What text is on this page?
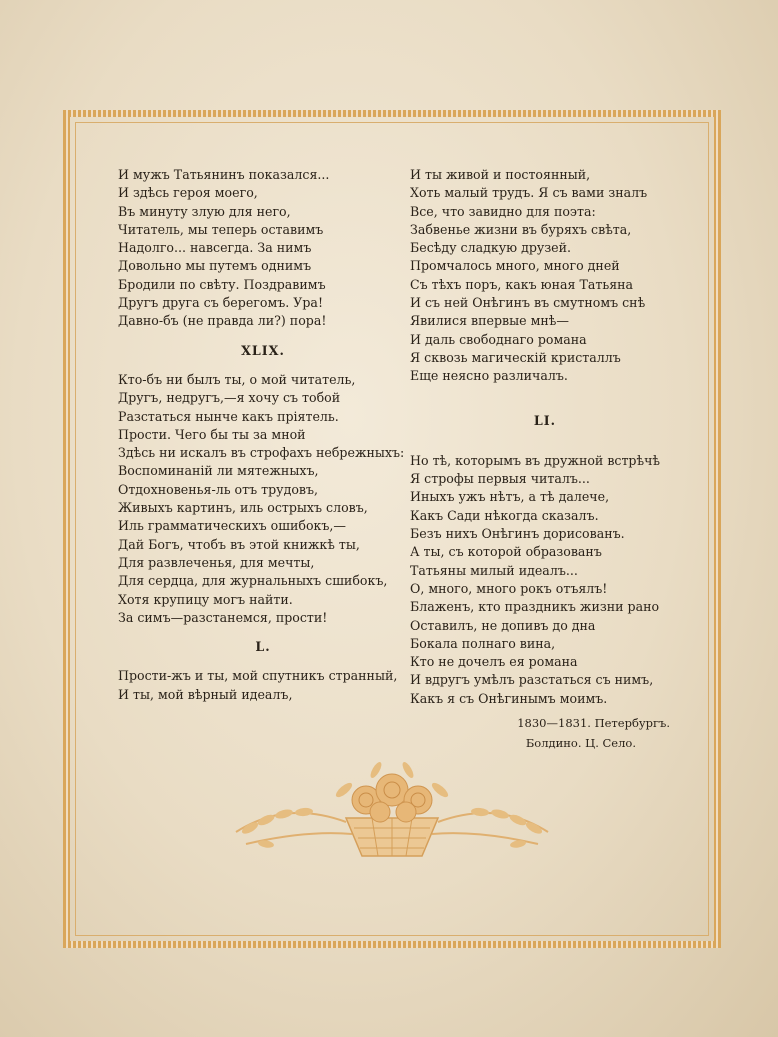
И мужъ Татьянинъ показался...

И здѣсь героя моего,

Въ минуту злую для него,

Читатель, мы теперь оставимъ

Надолго... навсегда. За нимъ

Довольно мы путемъ однимъ

Бродили по свѣту. Поздравимъ

Другъ друга съ берегомъ. Ура!

Давно-бъ (не правда ли?) пора!

XLIX.

Кто-бъ ни былъ ты, о мой читатель,

Другъ, недругъ,—я хочу съ тобой

Разстаться нынче какъ пріятель.

Прости. Чего бы ты за мной

Здѣсь ни искалъ въ строфахъ небрежныхъ:

Воспоминаній ли мятежныхъ,

Отдохновенья-ль отъ трудовъ,

Живыхъ картинъ, иль острыхъ словъ,

Иль грамматическихъ ошибокъ,—

Дай Богъ, чтобъ въ этой книжкѣ ты,

Для развлеченья, для мечты,

Для сердца, для журнальныхъ сшибокъ,

Хотя крупицу могъ найти.

За симъ—разстанемся, прости!

L.

Прости-жъ и ты, мой спутникъ странный,

И ты, мой вѣрный идеалъ,

И ты живой и постоянный,

Хоть малый трудъ. Я съ вами зналъ

Все, что завидно для поэта:

Забвенье жизни въ буряхъ свѣта,

Бесѣду сладкую друзей.

Промчалось много, много дней

Съ тѣхъ поръ, какъ юная Татьяна

И съ ней Онѣгинъ въ смутномъ снѣ

Явилися впервые мнѣ—

И даль свободнаго романа

Я сквозь магическій кристаллъ

Еще неясно различалъ.

LI.

Но тѣ, которымъ въ дружной встрѣчѣ

Я строфы первыя читалъ...

Иныхъ ужъ нѣтъ, а тѣ далече,

Какъ Сади нѣкогда сказалъ.

Безъ нихъ Онѣгинъ дорисованъ.

А ты, съ которой образованъ

Татьяны милый идеалъ...

О, много, много рокъ отъялъ!

Блаженъ, кто праздникъ жизни рано

Оставилъ, не допивъ до дна

Бокала полнаго вина,

Кто не дочелъ ея романа

И вдругъ умѣлъ разстаться съ нимъ,

Какъ я съ Онѣгинымъ моимъ.

1830—1831. Петербургъ.
Болдино. Ц. Село.
